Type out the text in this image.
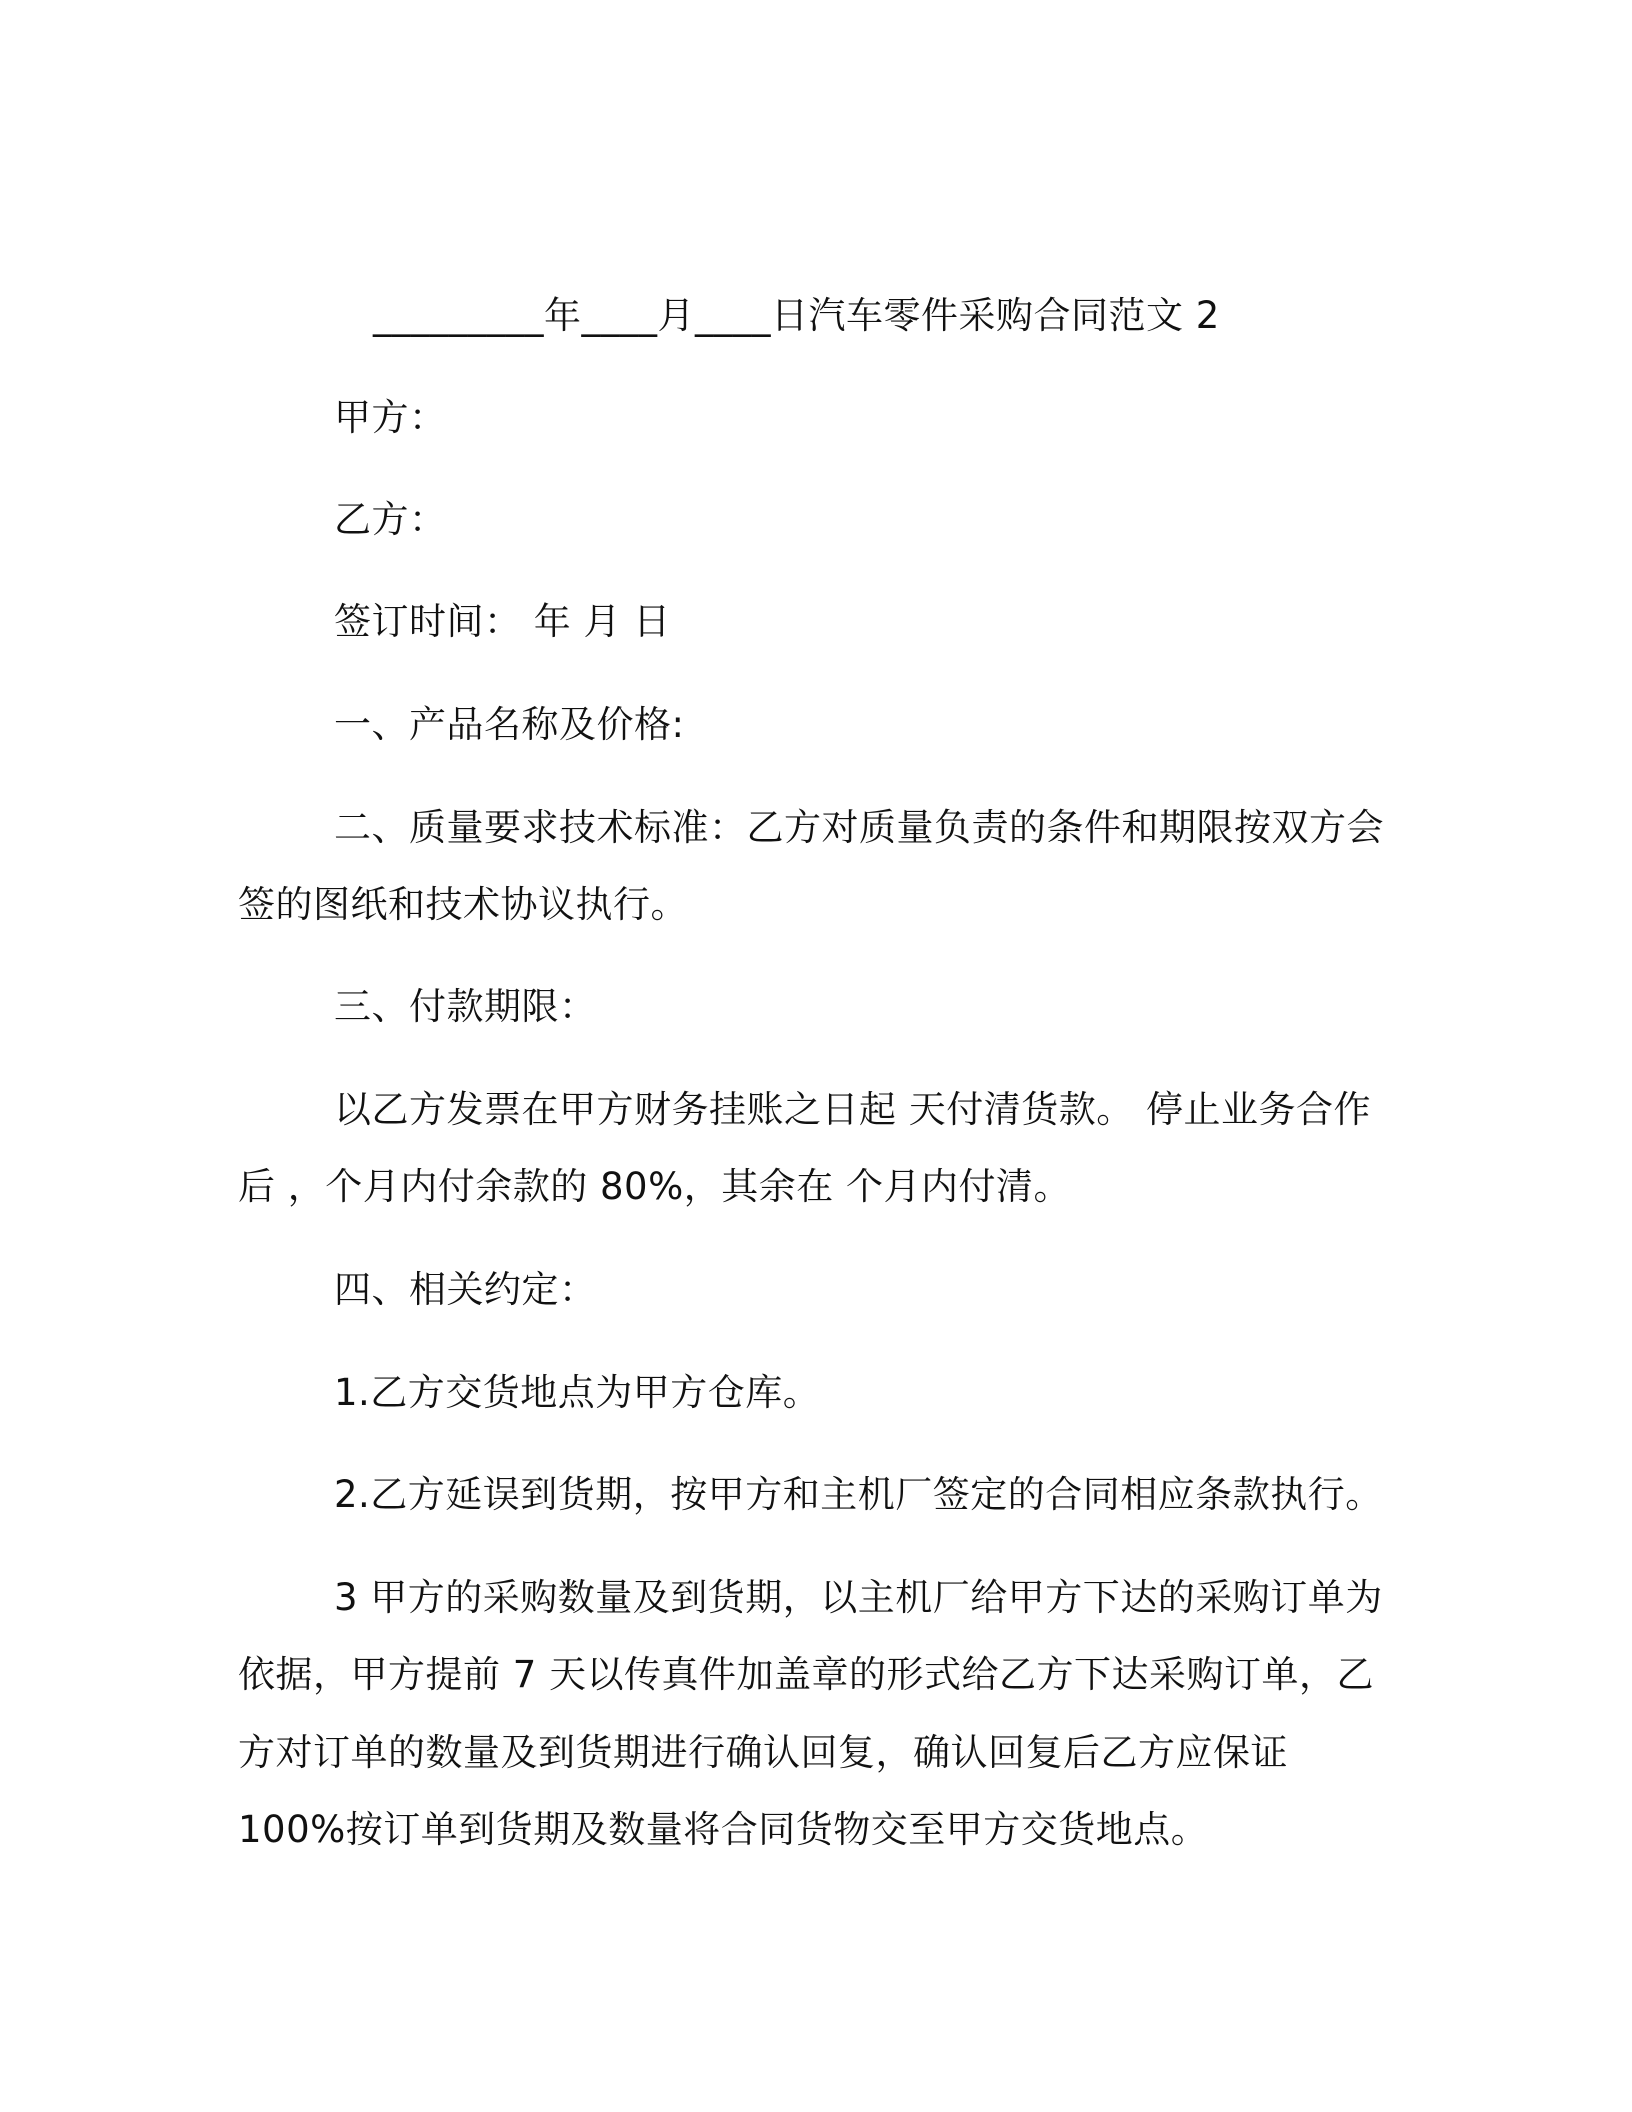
_________年____月____日汽车零件采购合同范文 2
甲方：
乙方：
签订时间： 年 月 日
一、产品名称及价格:
二、质量要求技术标准：乙方对质量负责的条件和期限按双方会
签的图纸和技术协议执行。
三、付款期限：
以乙方发票在甲方财务挂账之日起 天付清货款。 停止业务合作
后 ，个月内付余款的 80%，其余在 个月内付清。
四、相关约定：
1.乙方交货地点为甲方仓库。
2.乙方延误到货期，按甲方和主机厂签定的合同相应条款执行。
3 甲方的采购数量及到货期，以主机厂给甲方下达的采购订单为
依据，甲方提前 7 天以传真件加盖章的形式给乙方下达采购订单，乙
方对订单的数量及到货期进行确认回复，确认回复后乙方应保证
100%按订单到货期及数量将合同货物交至甲方交货地点。
